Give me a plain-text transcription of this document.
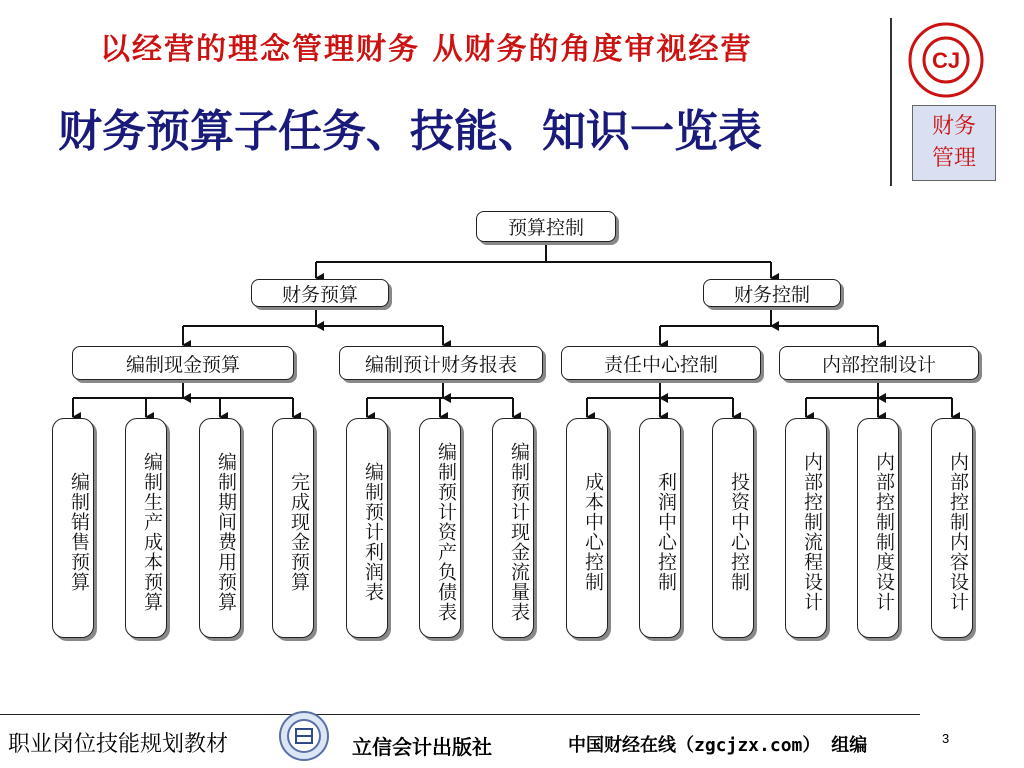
以经营的理念管理财务 从财务的角度审视经营
财务预算子任务、技能、知识一览表
CJ
财务
管理
预算控制
财务预算	财务控制
编制现金预算	编制预计财务报表	责任中心控制	内部控制设计
编制销售预算	编制生产成本预算	编制期间费用预算	完成现金预算	编制预计利润表	编制预计资产负债表	编制预计现金流量表	成本中心控制	利润中心控制	投资中心控制	内部控制流程设计	内部控制制度设计	内部控制内容设计
职业岗位技能规划教材	立信会计出版社	中国财经在线（zgcjzx.com） 组编	3
